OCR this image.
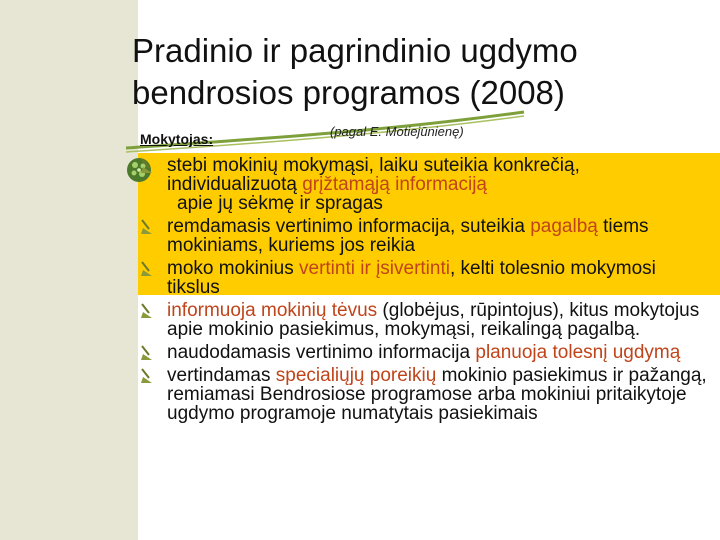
Pradinio ir pagrindinio ugdymo
bendrosios programos (2008)
Mokytojas:	(pagal E. Motiejūnienę)
stebi mokinių mokymąsi, laiku suteikia konkrečią, individualizuotą grįžtamąją informaciją
apie jų sėkmę ir spragas
remdamasis vertinimo informacija, suteikia pagalbą tiems mokiniams, kuriems jos reikia
moko mokinius vertinti ir įsivertinti, kelti tolesnio mokymosi tikslus
informuoja mokinių tėvus (globėjus, rūpintojus), kitus mokytojus apie mokinio pasiekimus, mokymąsi, reikalingą pagalbą.
naudodamasis vertinimo informacija planuoja tolesnį ugdymą
vertindamas specialiųjų poreikių mokinio pasiekimus ir pažangą, remiamasi Bendrosiose programose arba mokiniui pritaikytoje ugdymo programoje numatytais pasiekimais
